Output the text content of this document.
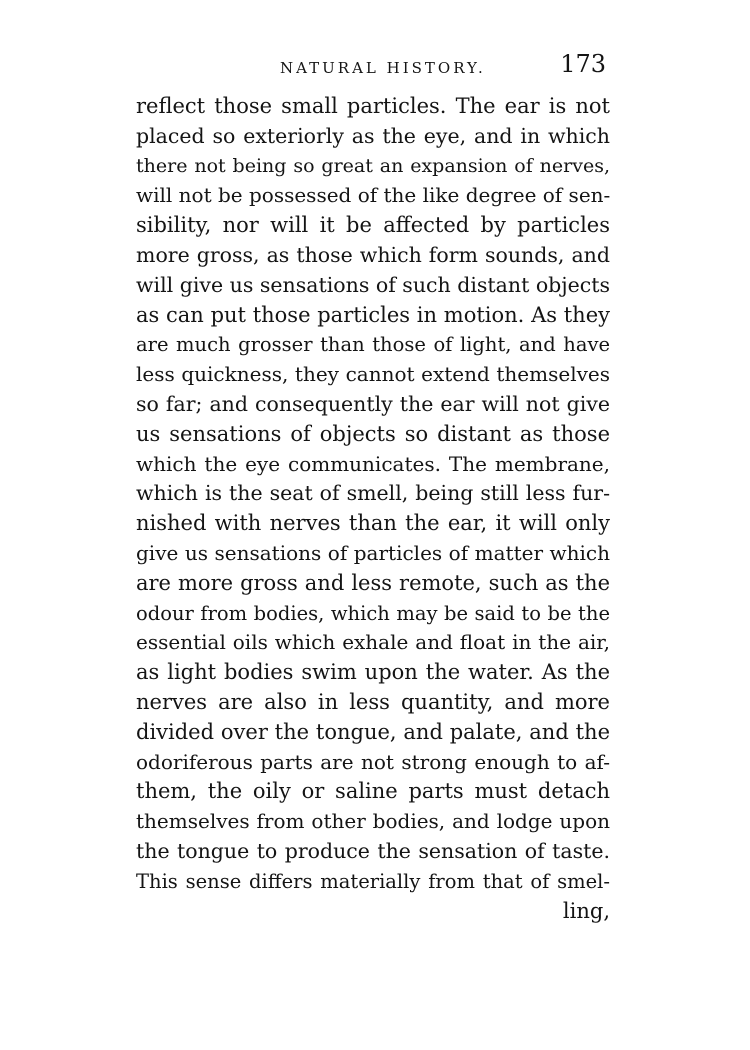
NATURAL HISTORY.	173
reflect those small particles. The ear is not
placed so exteriorly as the eye, and in which
there not being so great an expansion of nerves,
will not be possessed of the like degree of sen-
sibility, nor will it be affected by particles
more gross, as those which form sounds, and
will give us sensations of such distant objects
as can put those particles in motion. As they
are much grosser than those of light, and have
less quickness, they cannot extend themselves
so far; and consequently the ear will not give
us sensations of objects so distant as those
which the eye communicates. The membrane,
which is the seat of smell, being still less fur-
nished with nerves than the ear, it will only
give us sensations of particles of matter which
are more gross and less remote, such as the
odour from bodies, which may be said to be the
essential oils which exhale and float in the air,
as light bodies swim upon the water. As the
nerves are also in less quantity, and more
divided over the tongue, and palate, and the
odoriferous parts are not strong enough to af-
them, the oily or saline parts must detach
themselves from other bodies, and lodge upon
the tongue to produce the sensation of taste.
This sense differs materially from that of smel-
ling,
